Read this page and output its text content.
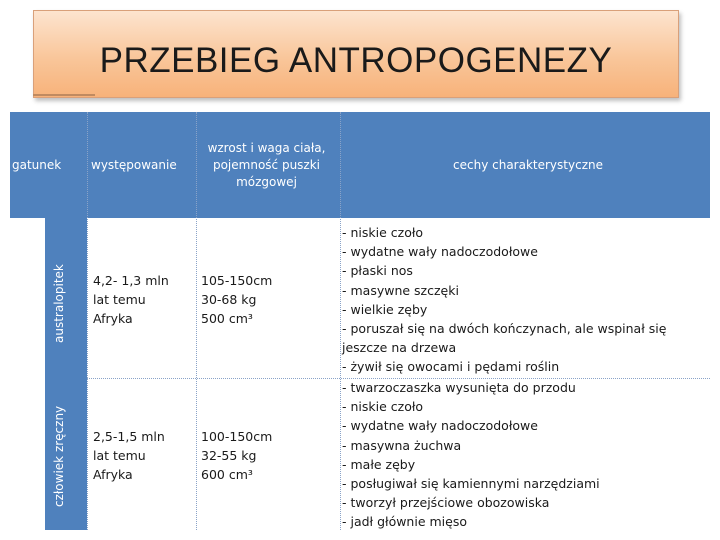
PRZEBIEG ANTROPOGENEZY
gatunek występowanie
wzrost i waga ciała,
pojemność puszki
mózgowej
cechy charakterystyczne
australopitek
człowiek zręczny
4,2- 1,3 mln
lat temu
Afryka
105-150cm
30-68 kg
500 cm³
- niskie czoło
- wydatne wały nadoczodołowe
- płaski nos
- masywne szczęki
- wielkie zęby
- poruszał się na dwóch kończynach, ale wspinał się jeszcze na drzewa
- żywił się owocami i pędami roślin
2,5-1,5 mln
lat temu
Afryka
100-150cm
32-55 kg
600 cm³
- twarzoczaszka wysunięta do przodu
- niskie czoło
- wydatne wały nadoczodołowe
- masywna żuchwa
- małe zęby
- posługiwał się kamiennymi narzędziami
- tworzył przejściowe obozowiska
- jadł głównie mięso
